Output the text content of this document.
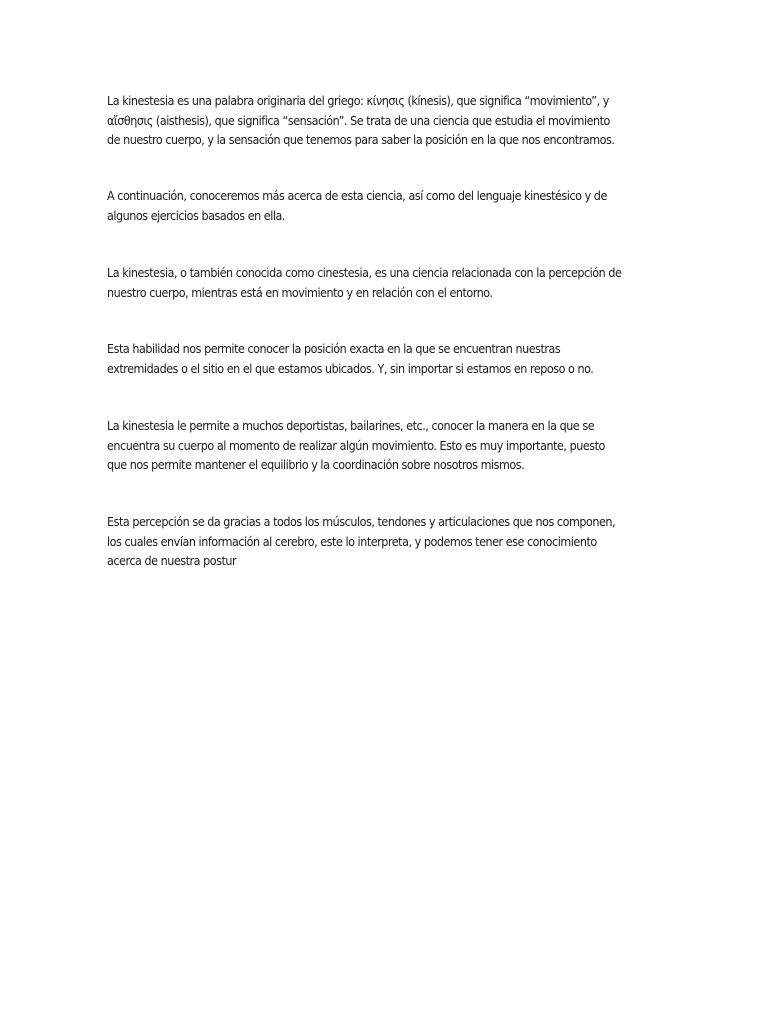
La kinestesia es una palabra originaria del griego: κίνησις (kínesis), que significa “movimiento”, y
αἴσθησις (aisthesis), que significa “sensación”. Se trata de una ciencia que estudia el movimiento
de nuestro cuerpo, y la sensación que tenemos para saber la posición en la que nos encontramos.

A continuación, conoceremos más acerca de esta ciencia, así como del lenguaje kinestésico y de
algunos ejercicios basados en ella.

La kinestesia, o también conocida como cinestesia, es una ciencia relacionada con la percepción de
nuestro cuerpo, mientras está en movimiento y en relación con el entorno.

Esta habilidad nos permite conocer la posición exacta en la que se encuentran nuestras
extremidades o el sitio en el que estamos ubicados. Y, sin importar si estamos en reposo o no.

La kinestesia le permite a muchos deportistas, bailarines, etc., conocer la manera en la que se
encuentra su cuerpo al momento de realizar algún movimiento. Esto es muy importante, puesto
que nos permite mantener el equilibrio y la coordinación sobre nosotros mismos.

Esta percepción se da gracias a todos los músculos, tendones y articulaciones que nos componen,
los cuales envían información al cerebro, este lo interpreta, y podemos tener ese conocimiento
acerca de nuestra postur
